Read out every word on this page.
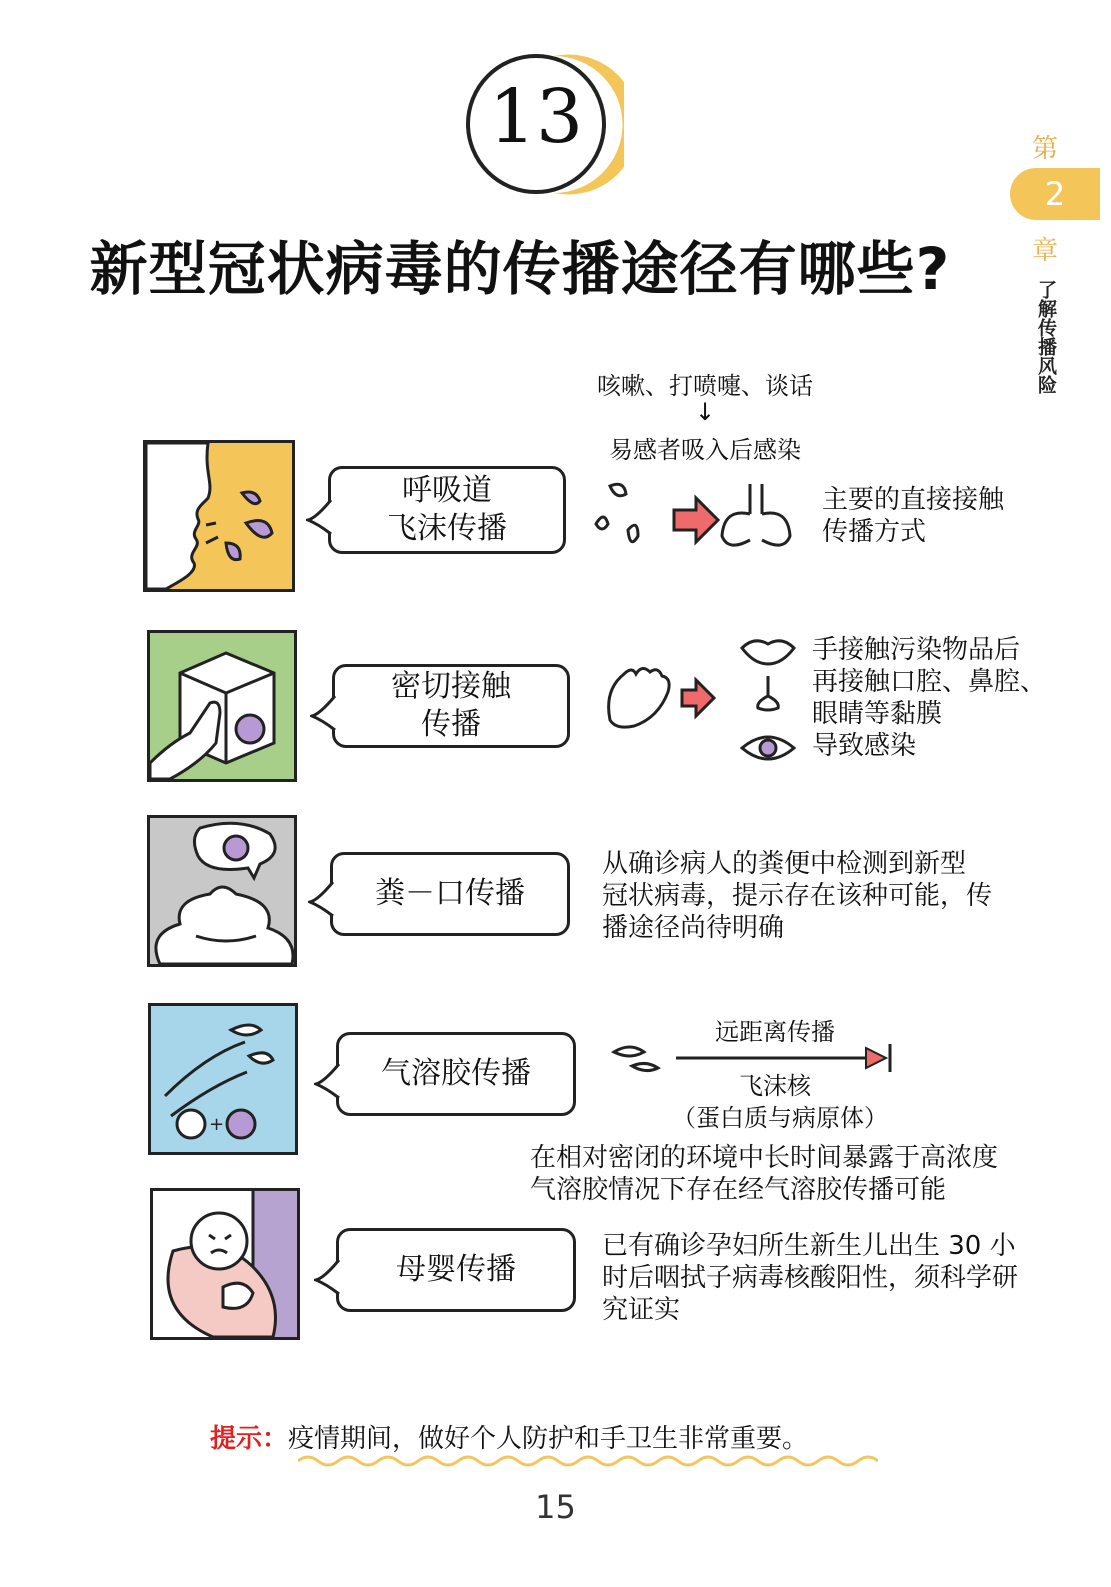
13
新型冠状病毒的传播途径有哪些?
第
2
章
了解传播风险
咳嗽、打喷嚏、谈话
↓
易感者吸入后感染
呼吸道
飞沫传播
主要的直接接触
传播方式
密切接触
传播
手接触污染物品后
再接触口腔、鼻腔、
眼睛等黏膜
导致感染
粪－口传播
从确诊病人的粪便中检测到新型
冠状病毒，提示存在该种可能，传
播途径尚待明确
+
气溶胶传播
远距离传播
飞沫核
（蛋白质与病原体）
在相对密闭的环境中长时间暴露于高浓度
气溶胶情况下存在经气溶胶传播可能
母婴传播
已有确诊孕妇所生新生儿出生 30 小
时后咽拭子病毒核酸阳性，须科学研
究证实
提示：疫情期间，做好个人防护和手卫生非常重要。
15
